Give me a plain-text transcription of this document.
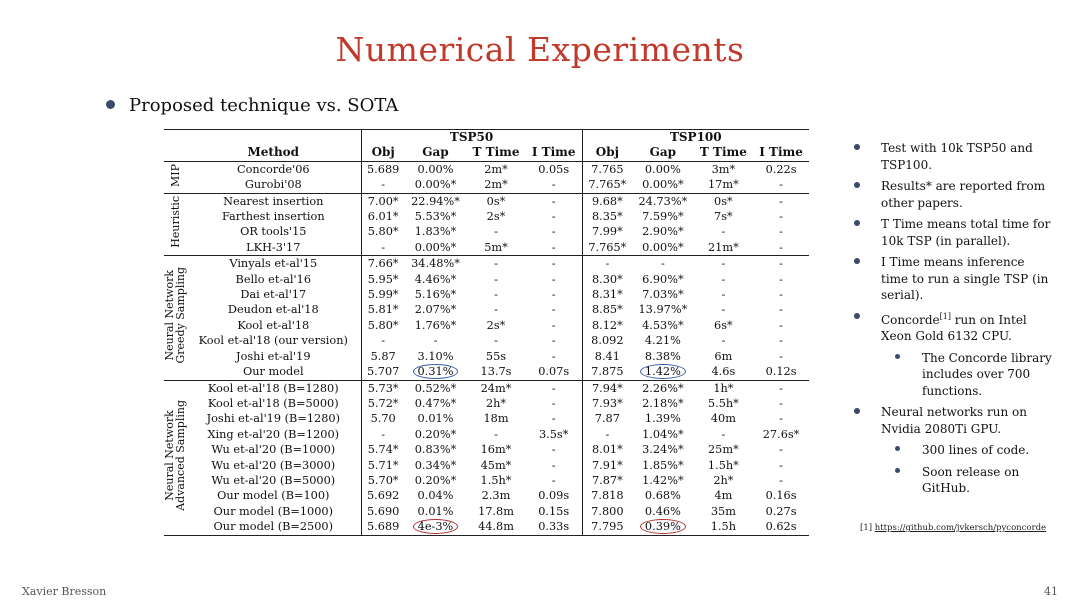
Numerical Experiments
Proposed technique vs. SOTA
		TSP50				TSP100			
	Method	Obj	Gap	T Time	I Time	Obj	Gap	T Time	I Time
MIP	Concorde'06	5.689	0.00%	2m*	0.05s	7.765	0.00%	3m*	0.22s
	Gurobi'08	-	0.00%*	2m*	-	7.765*	0.00%*	17m*	-
Heuristic	Nearest insertion	7.00*	22.94%*	0s*	-	9.68*	24.73%*	0s*	-
	Farthest insertion	6.01*	5.53%*	2s*	-	8.35*	7.59%*	7s*	-
	OR tools'15	5.80*	1.83%*	-	-	7.99*	2.90%*	-	-
	LKH-3'17	-	0.00%*	5m*	-	7.765*	0.00%*	21m*	-
Neural Network
Greedy Sampling	Vinyals et-al'15	7.66*	34.48%*	-	-	-	-	-	-
	Bello et-al'16	5.95*	4.46%*	-	-	8.30*	6.90%*	-	-
	Dai et-al'17	5.99*	5.16%*	-	-	8.31*	7.03%*	-	-
	Deudon et-al'18	5.81*	2.07%*	-	-	8.85*	13.97%*	-	-
	Kool et-al'18	5.80*	1.76%*	2s*	-	8.12*	4.53%*	6s*	-
	Kool et-al'18 (our version)	-	-	-	-	8.092	4.21%	-	-
	Joshi et-al'19	5.87	3.10%	55s	-	8.41	8.38%	6m	-
	Our model	5.707	0.31%	13.7s	0.07s	7.875	1.42%	4.6s	0.12s
Neural Network
Advanced Sampling	Kool et-al'18 (B=1280)	5.73*	0.52%*	24m*	-	7.94*	2.26%*	1h*	-
	Kool et-al'18 (B=5000)	5.72*	0.47%*	2h*	-	7.93*	2.18%*	5.5h*	-
	Joshi et-al'19 (B=1280)	5.70	0.01%	18m	-	7.87	1.39%	40m	-
	Xing et-al'20 (B=1200)	-	0.20%*	-	3.5s*	-	1.04%*	-	27.6s*
	Wu et-al'20 (B=1000)	5.74*	0.83%*	16m*	-	8.01*	3.24%*	25m*	-
	Wu et-al'20 (B=3000)	5.71*	0.34%*	45m*	-	7.91*	1.85%*	1.5h*	-
	Wu et-al'20 (B=5000)	5.70*	0.20%*	1.5h*	-	7.87*	1.42%*	2h*	-
	Our model (B=100)	5.692	0.04%	2.3m	0.09s	7.818	0.68%	4m	0.16s
	Our model (B=1000)	5.690	0.01%	17.8m	0.15s	7.800	0.46%	35m	0.27s
	Our model (B=2500)	5.689	4e-3%	44.8m	0.33s	7.795	0.39%	1.5h	0.62s
Test with 10k TSP50 and TSP100.
Results* are reported from other papers.
T Time means total time for 10k TSP (in parallel).
I Time means inference time to run a single TSP (in serial).
Concorde[1] run on Intel Xeon Gold 6132 CPU.
The Concorde library includes over 700 functions.
Neural networks run on Nvidia 2080Ti GPU.
300 lines of code.
Soon release on GitHub.
[1] https://github.com/jvkersch/pyconcorde
Xavier Bresson	41
